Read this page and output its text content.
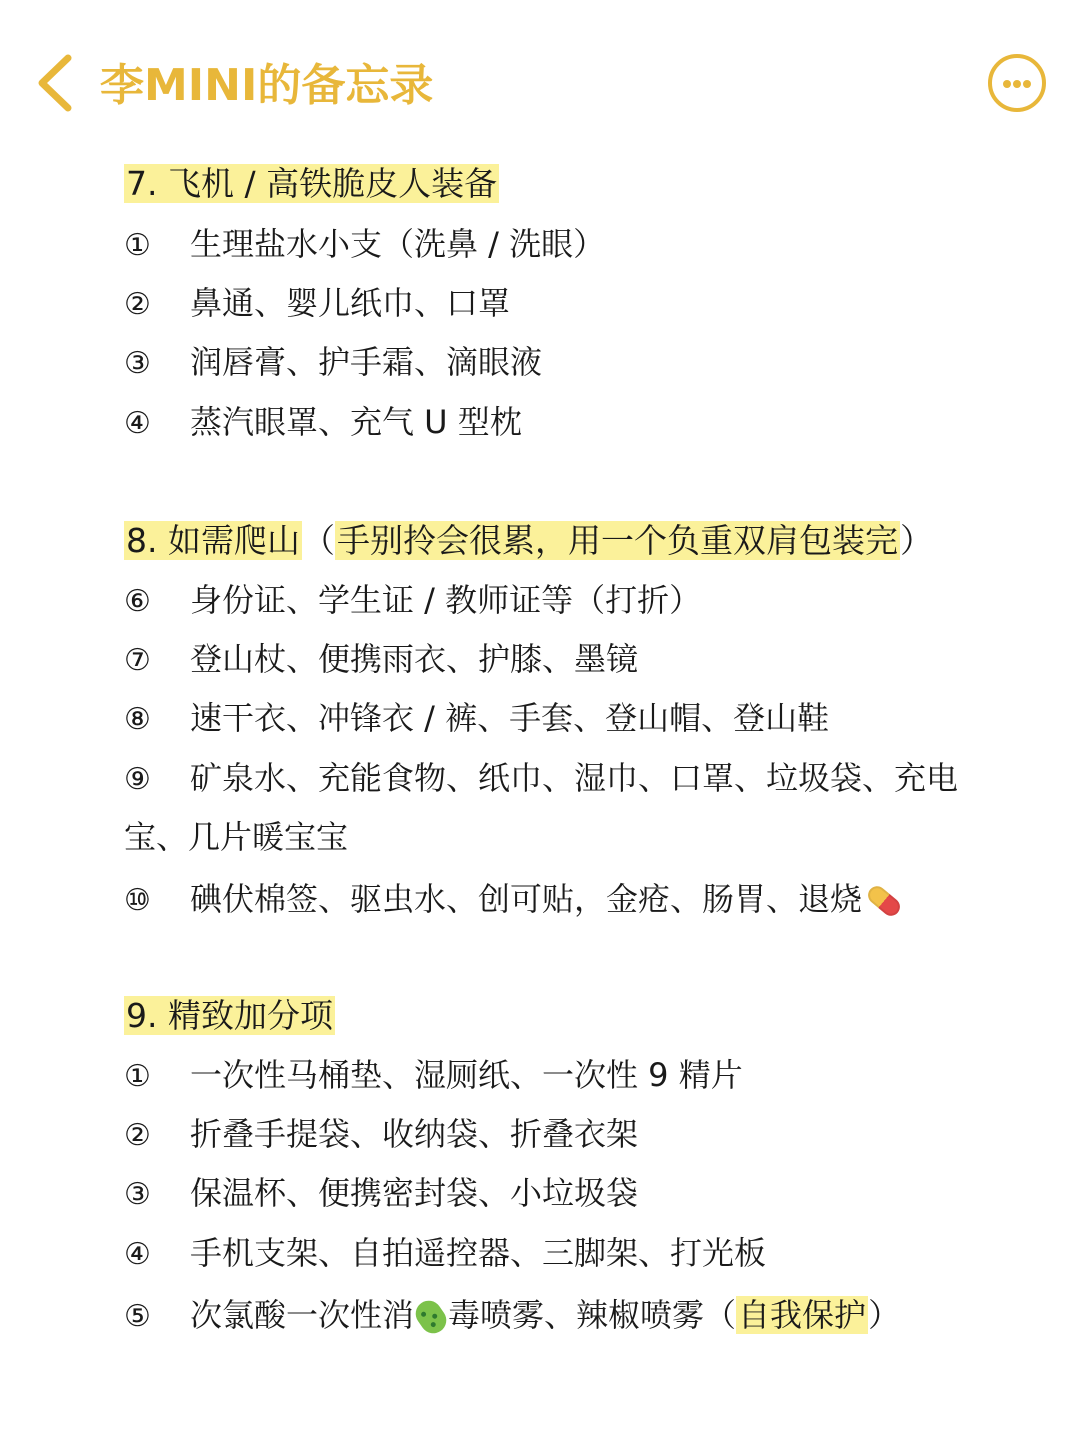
李MINI的备忘录
7. 飞机 / 高铁脆皮人装备
① 生理盐水小支（洗鼻 / 洗眼）
② 鼻通、婴儿纸巾、口罩
③ 润唇膏、护手霜、滴眼液
④ 蒸汽眼罩、充气 U 型枕
8. 如需爬山（手别拎会很累，用一个负重双肩包装完）
⑥ 身份证、学生证 / 教师证等（打折）
⑦ 登山杖、便携雨衣、护膝、墨镜
⑧ 速干衣、冲锋衣 / 裤、手套、登山帽、登山鞋
⑨ 矿泉水、充能食物、纸巾、湿巾、口罩、垃圾袋、充电
宝、几片暖宝宝
⑩ 碘伏棉签、驱虫水、创可贴，金疮、肠胃、退烧
9. 精致加分项
① 一次性马桶垫、湿厕纸、一次性 9 精片
② 折叠手提袋、收纳袋、折叠衣架
③ 保温杯、便携密封袋、小垃圾袋
④ 手机支架、自拍遥控器、三脚架、打光板
⑤ 次氯酸一次性消 毒喷雾、辣椒喷雾（自我保护）
